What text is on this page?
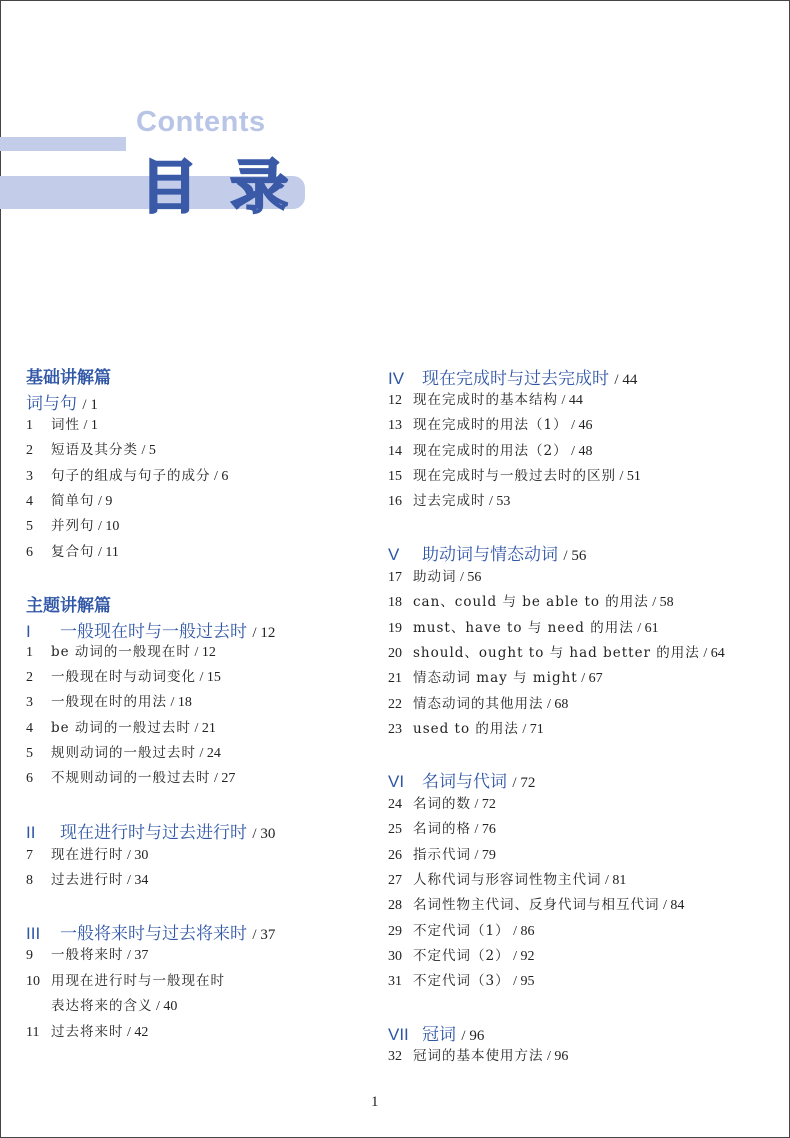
Contents
目 录
基础讲解篇
词与句 / 1
1 词性 / 1
2 短语及其分类 / 5
3 句子的组成与句子的成分 / 6
4 简单句 / 9
5 并列句 / 10
6 复合句 / 11
主题讲解篇
I 一般现在时与一般过去时 / 12
1 be 动词的一般现在时 / 12
2 一般现在时与动词变化 / 15
3 一般现在时的用法 / 18
4 be 动词的一般过去时 / 21
5 规则动词的一般过去时 / 24
6 不规则动词的一般过去时 / 27
II 现在进行时与过去进行时 / 30
7 现在进行时 / 30
8 过去进行时 / 34
III 一般将来时与过去将来时 / 37
9 一般将来时 / 37
10 用现在进行时与一般现在时
表达将来的含义 / 40
11 过去将来时 / 42
IV 现在完成时与过去完成时 / 44
12 现在完成时的基本结构 / 44
13 现在完成时的用法（1） / 46
14 现在完成时的用法（2） / 48
15 现在完成时与一般过去时的区别 / 51
16 过去完成时 / 53
V 助动词与情态动词 / 56
17 助动词 / 56
18 can、could 与 be able to 的用法 / 58
19 must、have to 与 need 的用法 / 61
20 should、ought to 与 had better 的用法 / 64
21 情态动词 may 与 might / 67
22 情态动词的其他用法 / 68
23 used to 的用法 / 71
VI 名词与代词 / 72
24 名词的数 / 72
25 名词的格 / 76
26 指示代词 / 79
27 人称代词与形容词性物主代词 / 81
28 名词性物主代词、反身代词与相互代词 / 84
29 不定代词（1） / 86
30 不定代词（2） / 92
31 不定代词（3） / 95
VII 冠词 / 96
32 冠词的基本使用方法 / 96
1
